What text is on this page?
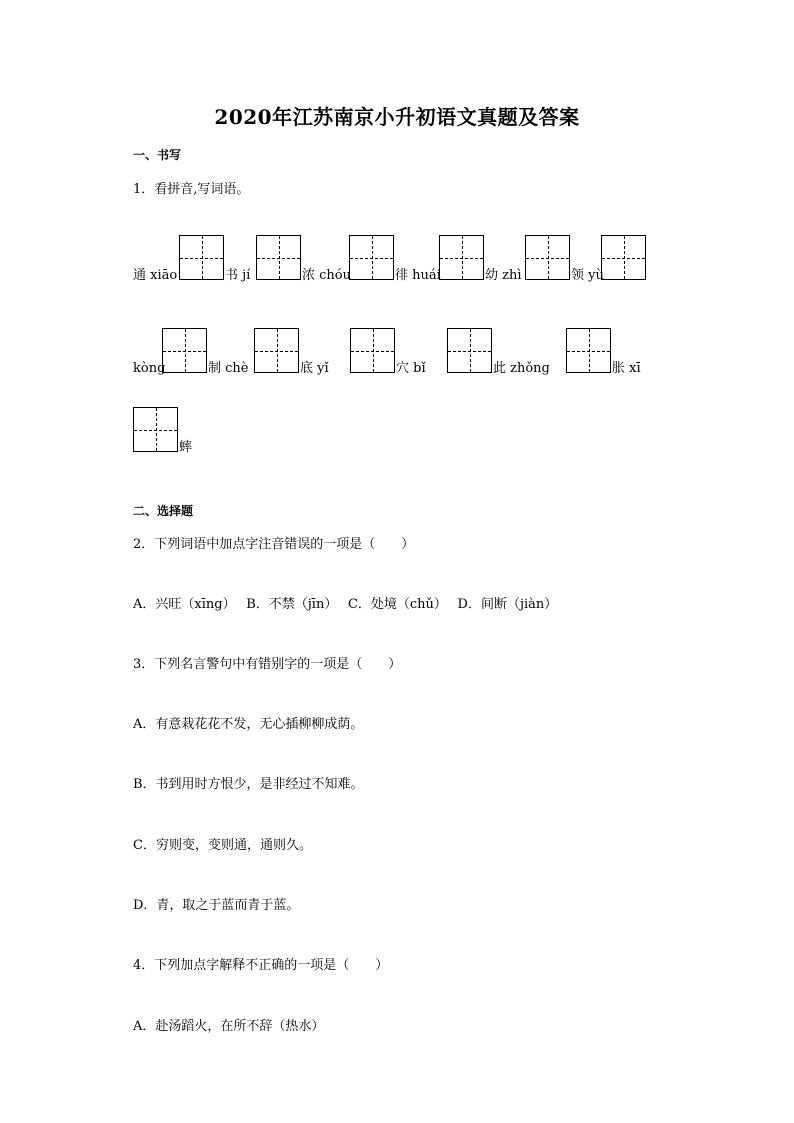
2020年江苏南京小升初语文真题及答案
一、书写
1．看拼音,写词语。
通 xiāo	书 jí	浓 chóu	徘 huái	幼 zhì	领 yù
kòng	制 chè	底 yǐ	穴 bǐ	此 zhǒng	胀 xī
蟀
二、选择题
2．下列词语中加点字注音错误的一项是（　　）
A．兴旺（xīng）　 B．不禁（jīn）　 C．处境（chǔ）　 D．间断（jiàn）
3．下列名言警句中有错别字的一项是（　　）
A．有意栽花花不发，无心插柳柳成荫。
B．书到用时方恨少，是非经过不知难。
C．穷则变，变则通，通则久。
D．青，取之于蓝而青于蓝。
4．下列加点字解释不正确的一项是（　　）
A．赴汤蹈火，在所不辞（热水）
